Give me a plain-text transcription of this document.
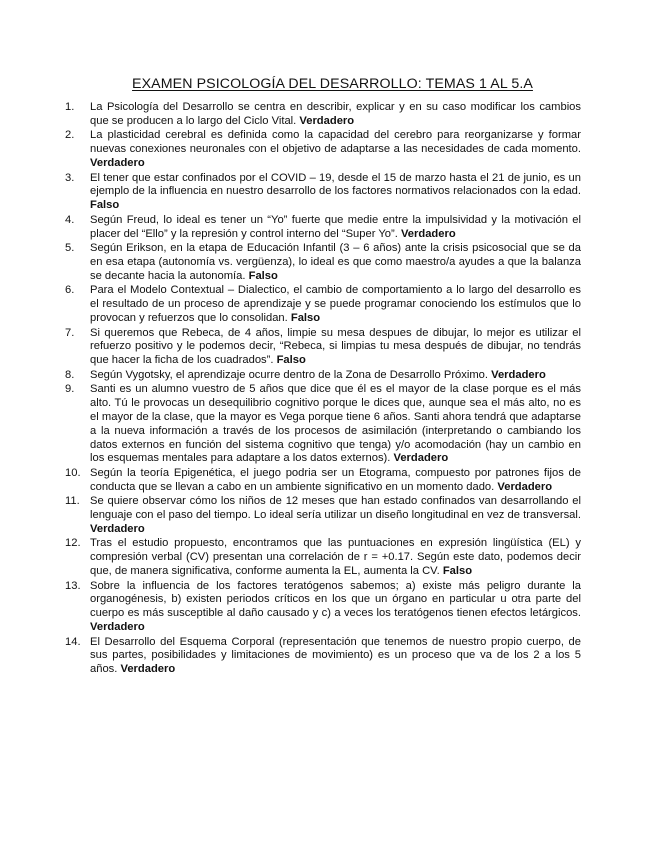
EXAMEN PSICOLOGÍA DEL DESARROLLO: TEMAS 1 AL 5.A
1.	La Psicología del Desarrollo se centra en describir, explicar y en su caso modificar los cambios que se producen a lo largo del Ciclo Vital. Verdadero
2.	La plasticidad cerebral es definida como la capacidad del cerebro para reorganizarse y formar nuevas conexiones neuronales con el objetivo de adaptarse a las necesidades de cada momento. Verdadero
3.	El tener que estar confinados por el COVID – 19, desde el 15 de marzo hasta el 21 de junio, es un ejemplo de la influencia en nuestro desarrollo de los factores normativos relacionados con la edad. Falso
4.	Según Freud, lo ideal es tener un “Yo” fuerte que medie entre la impulsividad y la motivación el placer del “Ello” y la represión y control interno del “Super Yo”. Verdadero
5.	Según Erikson, en la etapa de Educación Infantil (3 – 6 años) ante la crisis psicosocial que se da en esa etapa (autonomía vs. vergüenza), lo ideal es que como maestro/a ayudes a que la balanza se decante hacia la autonomía. Falso
6.	Para el Modelo Contextual – Dialectico, el cambio de comportamiento a lo largo del desarrollo es el resultado de un proceso de aprendizaje y se puede programar conociendo los estímulos que lo provocan y refuerzos que lo consolidan. Falso
7.	Si queremos que Rebeca, de 4 años, limpie su mesa despues de dibujar, lo mejor es utilizar el refuerzo positivo y le podemos decir, “Rebeca, si limpias tu mesa después de dibujar, no tendrás que hacer la ficha de los cuadrados”. Falso
8.	Según Vygotsky, el aprendizaje ocurre dentro de la Zona de Desarrollo Próximo. Verdadero
9.	Santi es un alumno vuestro de 5 años que dice que él es el mayor de la clase porque es el más alto. Tú le provocas un desequilibrio cognitivo porque le dices que, aunque sea el más alto, no es el mayor de la clase, que la mayor es Vega porque tiene 6 años. Santi ahora tendrá que adaptarse a la nueva información a través de los procesos de asimilación (interpretando o cambiando los datos externos en función del sistema cognitivo que tenga) y/o acomodación (hay un cambio en los esquemas mentales para adaptare a los datos externos). Verdadero
10. Según la teoría Epigenética, el juego podria ser un Etograma, compuesto por patrones fijos de conducta que se llevan a cabo en un ambiente significativo en un momento dado. Verdadero
11. Se quiere observar cómo los niños de 12 meses que han estado confinados van desarrollando el lenguaje con el paso del tiempo. Lo ideal sería utilizar un diseño longitudinal en vez de transversal. Verdadero
12. Tras el estudio propuesto, encontramos que las puntuaciones en expresión lingüística (EL) y compresión verbal (CV) presentan una correlación de r = +0.17. Según este dato, podemos decir que, de manera significativa, conforme aumenta la EL, aumenta la CV. Falso
13. Sobre la influencia de los factores teratógenos sabemos; a) existe más peligro durante la organogénesis, b) existen periodos críticos en los que un órgano en particular u otra parte del cuerpo es más susceptible al daño causado y c) a veces los teratógenos tienen efectos letárgicos. Verdadero
14. El Desarrollo del Esquema Corporal (representación que tenemos de nuestro propio cuerpo, de sus partes, posibilidades y limitaciones de movimiento) es un proceso que va de los 2 a los 5 años. Verdadero
